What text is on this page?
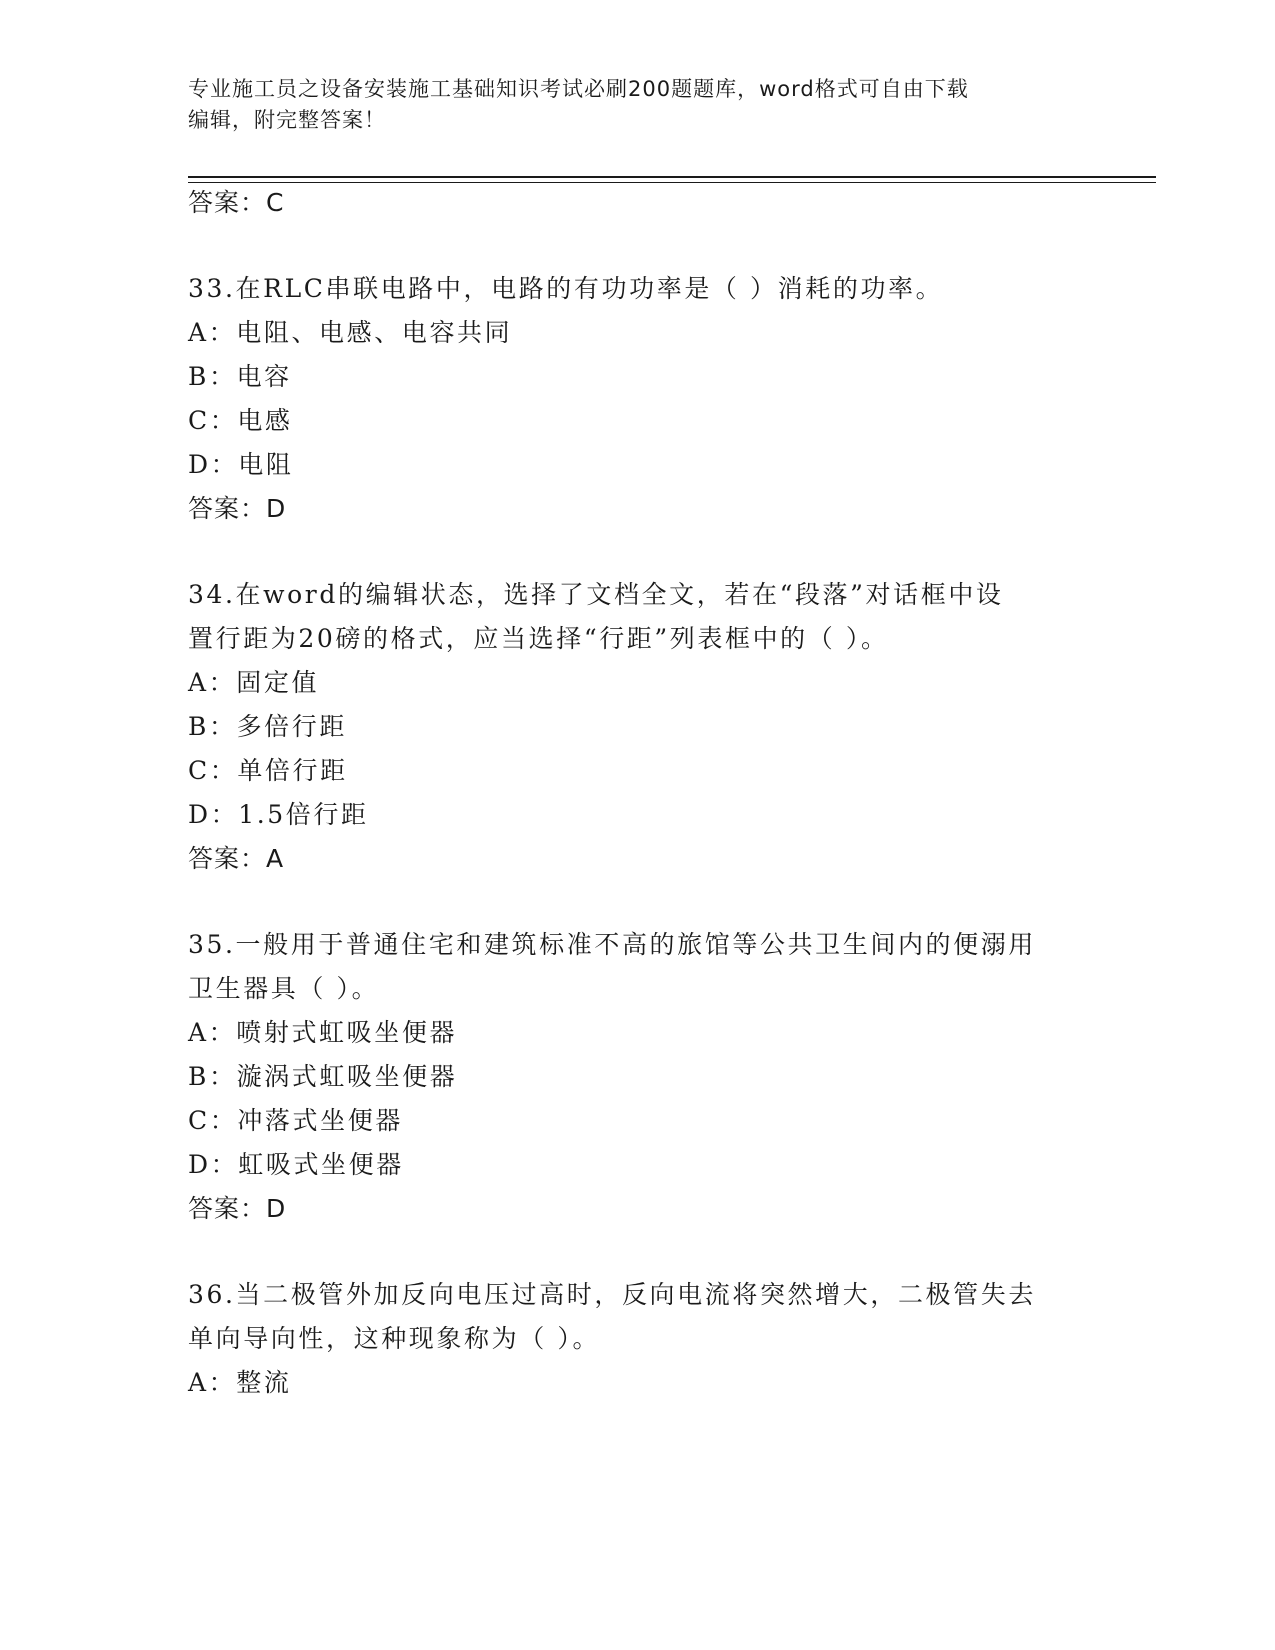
专业施工员之设备安装施工基础知识考试必刷200题题库，word格式可自由下载
编辑，附完整答案！
答案：C
33.在RLC串联电路中，电路的有功功率是（ ）消耗的功率。
A：电阻、电感、电容共同
B：电容
C：电感
D：电阻
答案：D
34.在word的编辑状态，选择了文档全文，若在“段落”对话框中设
置行距为20磅的格式，应当选择“行距”列表框中的（ ）。
A：固定值
B：多倍行距
C：单倍行距
D：1.5倍行距
答案：A
35.一般用于普通住宅和建筑标准不高的旅馆等公共卫生间内的便溺用
卫生器具（ ）。
A：喷射式虹吸坐便器
B：漩涡式虹吸坐便器
C：冲落式坐便器
D：虹吸式坐便器
答案：D
36.当二极管外加反向电压过高时，反向电流将突然增大，二极管失去
单向导向性，这种现象称为（ ）。
A：整流
